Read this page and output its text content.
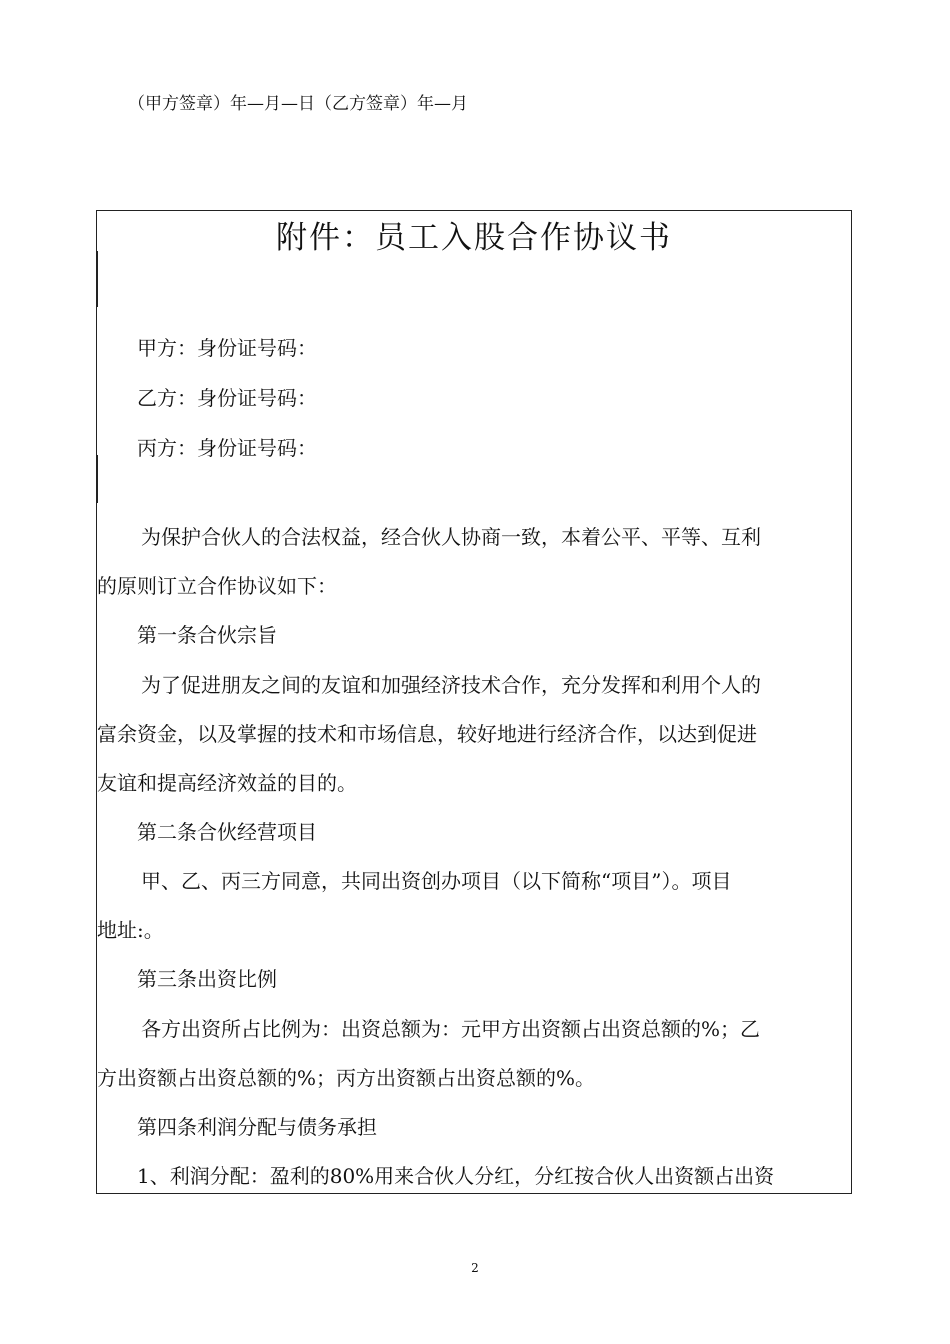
（甲方签章）年—月—日（乙方签章）年—月
附件：员工入股合作协议书

甲方：身份证号码：

乙方：身份证号码：

丙方：身份证号码：

为保护合伙人的合法权益，经合伙人协商一致，本着公平、平等、互利

的原则订立合作协议如下：

第一条合伙宗旨

为了促进朋友之间的友谊和加强经济技术合作，充分发挥和利用个人的

富余资金，以及掌握的技术和市场信息，较好地进行经济合作，以达到促进

友谊和提高经济效益的目的。

第二条合伙经营项目

甲、乙、丙三方同意，共同出资创办项目（以下简称“项目”）。项目

地址:。

第三条出资比例

各方出资所占比例为：出资总额为：元甲方出资额占出资总额的%；乙

方出资额占出资总额的%；丙方出资额占出资总额的%。

第四条利润分配与债务承担

1、利润分配：盈利的80%用来合伙人分红，分红按合伙人出资额占出资

2
